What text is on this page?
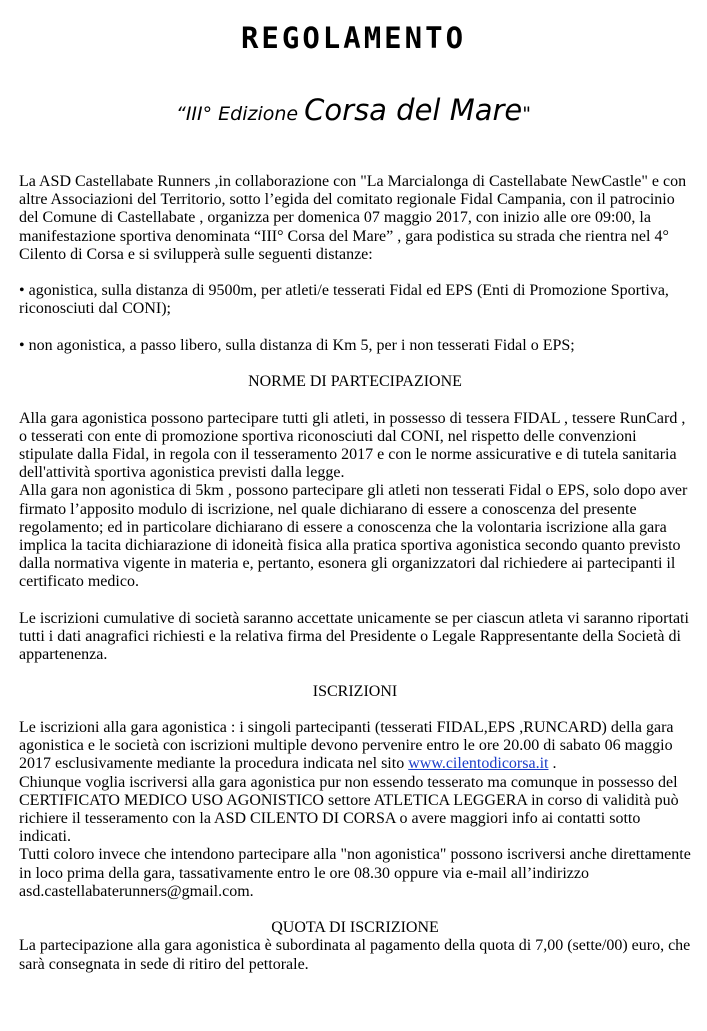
REGOLAMENTO
“III° Edizione Corsa del Mare"

La ASD Castellabate Runners ,in collaborazione con "La Marcialonga di Castellabate NewCastle" e con altre Associazioni del Territorio, sotto l’egida del comitato regionale Fidal Campania, con il patrocinio del Comune di Castellabate , organizza per domenica 07 maggio 2017, con inizio alle ore 09:00, la manifestazione sportiva denominata “III° Corsa del Mare” , gara podistica su strada che rientra nel 4° Cilento di Corsa e si svilupperà sulle seguenti distanze:

• agonistica, sulla distanza di 9500m, per atleti/e tesserati Fidal ed EPS (Enti di Promozione Sportiva, riconosciuti dal CONI);

• non agonistica, a passo libero, sulla distanza di Km 5, per i non tesserati Fidal o EPS;

NORME DI PARTECIPAZIONE

Alla gara agonistica possono partecipare tutti gli atleti, in possesso di tessera FIDAL , tessere RunCard , o tesserati con ente di promozione sportiva riconosciuti dal CONI, nel rispetto delle convenzioni stipulate dalla Fidal, in regola con il tesseramento 2017 e con le norme assicurative e di tutela sanitaria dell'attività sportiva agonistica previsti dalla legge.

Alla gara non agonistica di 5km , possono partecipare gli atleti non tesserati Fidal o EPS, solo dopo aver firmato l’apposito modulo di iscrizione, nel quale dichiarano di essere a conoscenza del presente regolamento; ed in particolare dichiarano di essere a conoscenza che la volontaria iscrizione alla gara implica la tacita dichiarazione di idoneità fisica alla pratica sportiva agonistica secondo quanto previsto dalla normativa vigente in materia e, pertanto, esonera gli organizzatori dal richiedere ai partecipanti il certificato medico.

Le iscrizioni cumulative di società saranno accettate unicamente se per ciascun atleta vi saranno riportati tutti i dati anagrafici richiesti e la relativa firma del Presidente o Legale Rappresentante della Società di appartenenza.

ISCRIZIONI

Le iscrizioni alla gara agonistica : i singoli partecipanti (tesserati FIDAL,EPS ,RUNCARD) della gara agonistica e le società con iscrizioni multiple devono pervenire entro le ore 20.00 di sabato 06 maggio 2017 esclusivamente mediante la procedura indicata nel sito www.cilentodicorsa.it .

Chiunque voglia iscriversi alla gara agonistica pur non essendo tesserato ma comunque in possesso del CERTIFICATO MEDICO USO AGONISTICO settore ATLETICA LEGGERA in corso di validità può richiere il tesseramento con la ASD CILENTO DI CORSA o avere maggiori info ai contatti sotto indicati.

Tutti coloro invece che intendono partecipare alla "non agonistica" possono iscriversi anche direttamente in loco prima della gara, tassativamente entro le ore 08.30 oppure via e-mail all’indirizzo asd.castellabaterunners@gmail.com.

QUOTA DI ISCRIZIONE

La partecipazione alla gara agonistica è subordinata al pagamento della quota di 7,00 (sette/00) euro, che sarà consegnata in sede di ritiro del pettorale.
